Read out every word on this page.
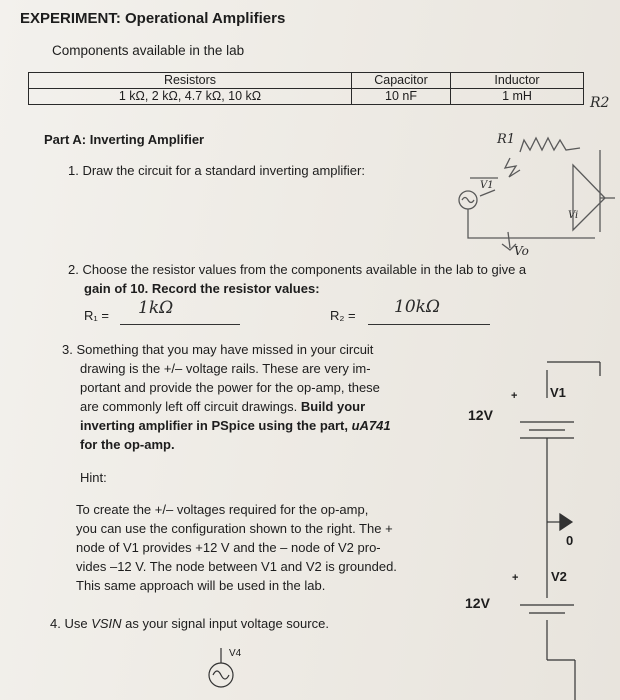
EXPERIMENT: Operational Amplifiers
Components available in the lab
Resistors	Capacitor	Inductor
1 kΩ, 2 kΩ, 4.7 kΩ, 10 kΩ	10 nF	1 mH
Part A: Inverting Amplifier
1. Draw the circuit for a standard inverting amplifier:
R2
R1
V1
Vi
Vo
2. Choose the resistor values from the components available in the lab to give a
gain of 10. Record the resistor values:
R₁ = 1kΩ	R₂ = 10kΩ
3. Something that you may have missed in your circuit
drawing is the +/– voltage rails. These are very im-
portant and provide the power for the op-amp, these
are commonly left off circuit drawings. Build your
inverting amplifier in PSpice using the part, uA741
for the op-amp.
Hint:
To create the +/– voltages required for the op-amp,
you can use the configuration shown to the right. The +
node of V1 provides +12 V and the – node of V2 pro-
vides –12 V. The node between V1 and V2 is grounded.
This same approach will be used in the lab.
4. Use VSIN as your signal input voltage source.
V1
12V
+
V2
12V
+
0
V4
